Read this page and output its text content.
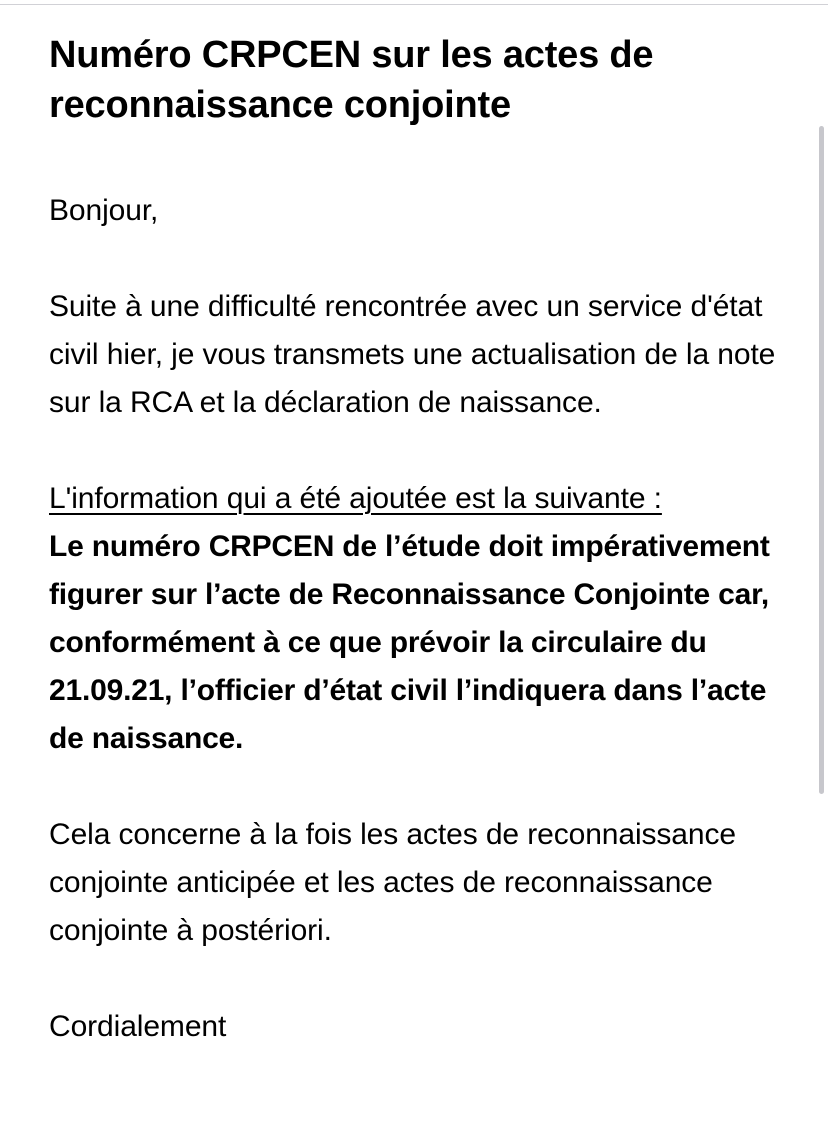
Numéro CRPCEN sur les actes de reconnaissance conjointe

Bonjour,

Suite à une difficulté rencontrée avec un service d'état civil hier, je vous transmets une actualisation de la note sur la RCA et la déclaration de naissance.

L'information qui a été ajoutée est la suivante :

Le numéro CRPCEN de l’étude doit impérativement figurer sur l’acte de Reconnaissance Conjointe car, conformément à ce que prévoir la circulaire du 21.09.21, l’officier d’état civil l’indiquera dans l’acte de naissance.

Cela concerne à la fois les actes de reconnaissance conjointe anticipée et les actes de reconnaissance conjointe à postériori.

Cordialement
